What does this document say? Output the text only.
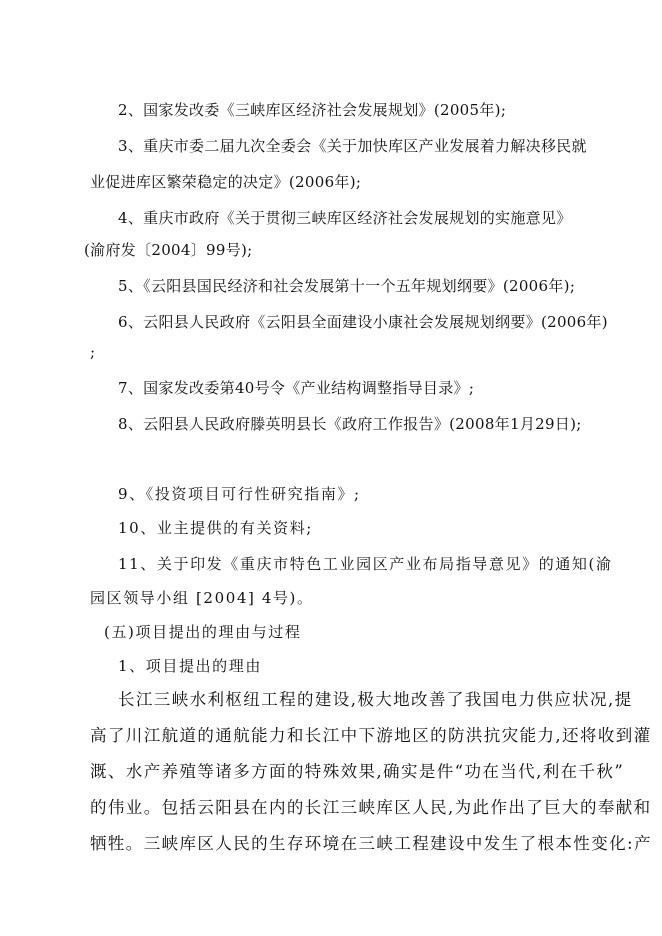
2、国家发改委《三峡库区经济社会发展规划》(2005年);
3、重庆市委二届九次全委会《关于加快库区产业发展着力解决移民就
业促进库区繁荣稳定的决定》(2006年);
4、重庆市政府《关于贯彻三峡库区经济社会发展规划的实施意见》
(渝府发〔2004〕99号);
5、《云阳县国民经济和社会发展第十一个五年规划纲要》(2006年);
6、云阳县人民政府《云阳县全面建设小康社会发展规划纲要》(2006年)
;
7、国家发改委第40号令《产业结构调整指导目录》;
8、云阳县人民政府滕英明县长《政府工作报告》(2008年1月29日);
9、《投资项目可行性研究指南》;
10、业主提供的有关资料;
11、关于印发《重庆市特色工业园区产业布局指导意见》的通知(渝
园区领导小组 [2004] 4号)。
(五)项目提出的理由与过程
1、项目提出的理由
长江三峡水利枢纽工程的建设,极大地改善了我国电力供应状况,提
高了川江航道的通航能力和长江中下游地区的防洪抗灾能力,还将收到灌
溉、水产养殖等诸多方面的特殊效果,确实是件“功在当代,利在千秋”
的伟业。包括云阳县在内的长江三峡库区人民,为此作出了巨大的奉献和
牺牲。三峡库区人民的生存环境在三峡工程建设中发生了根本性变化:产
